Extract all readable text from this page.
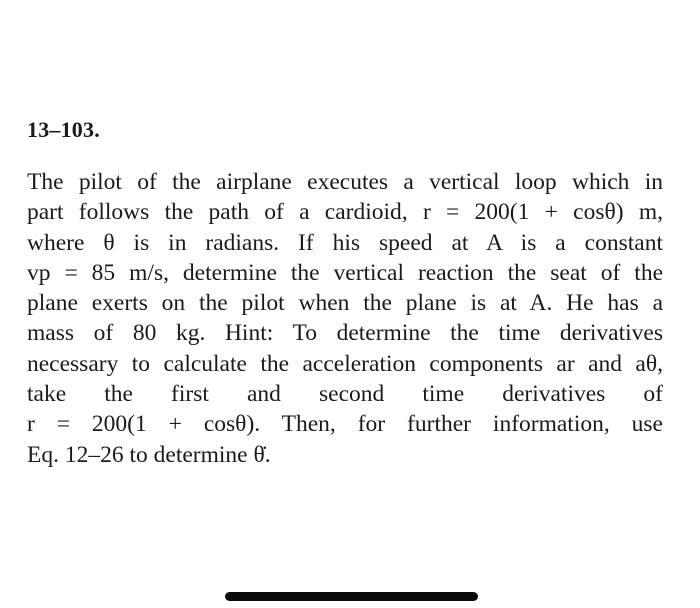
13–103.
The pilot of the airplane executes a vertical loop which in
part follows the path of a cardioid, r = 200(1 + cosθ) m,
where θ is in radians. If his speed at A is a constant
vp = 85 m/s, determine the vertical reaction the seat of the
plane exerts on the pilot when the plane is at A. He has a
mass of 80 kg. Hint: To determine the time derivatives
necessary to calculate the acceleration components ar and aθ,
take the first and second time derivatives of
r = 200(1 + cosθ). Then, for further information, use
Eq. 12–26 to determine θ̇.
